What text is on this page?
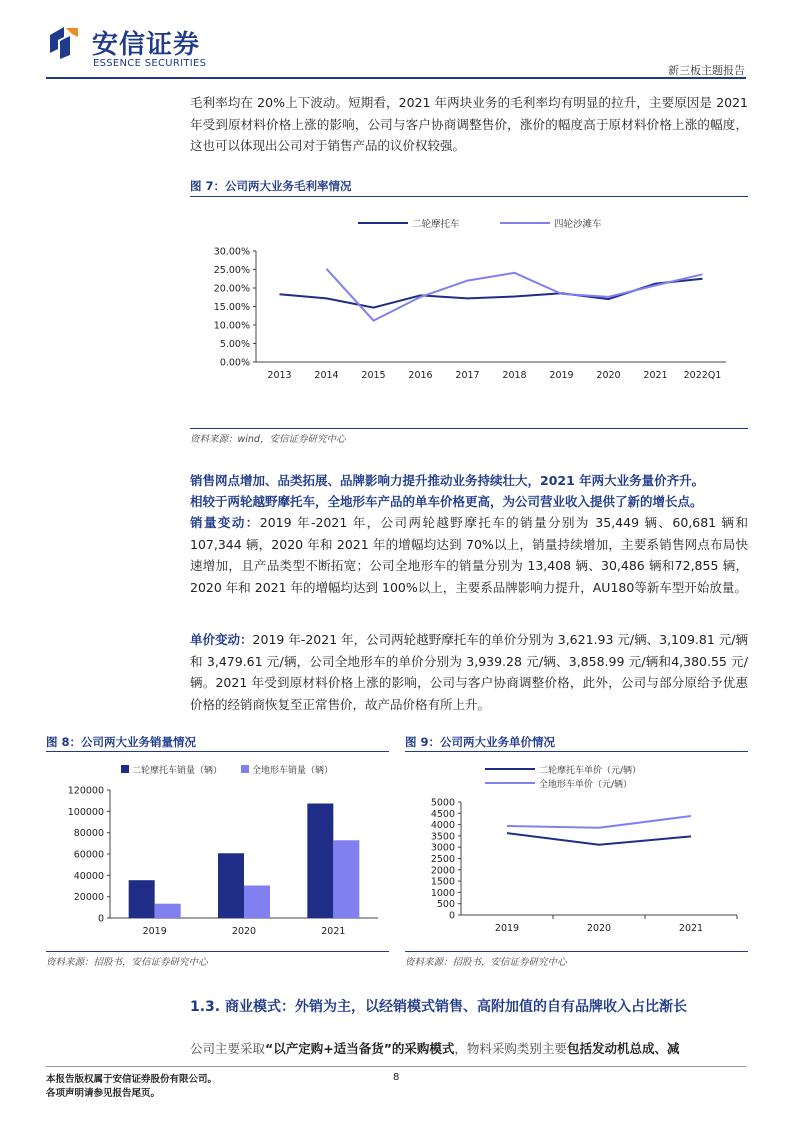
安信证券
ESSENCE SECURITIES
新三板主题报告
毛利率均在 20%上下波动。短期看，2021 年两块业务的毛利率均有明显的拉升，主要原因是 2021 年受到原材料价格上涨的影响，公司与客户协商调整售价，涨价的幅度高于原材料价格上涨的幅度，这也可以体现出公司对于销售产品的议价权较强。
图 7：公司两大业务毛利率情况
二轮摩托车	四轮沙滩车
0.00%
5.00%
10.00%
15.00%
20.00%
25.00%
30.00%
2013 2014 2015 2016 2017 2018 2019 2020 2021 2022Q1
资料来源：wind，安信证券研究中心
销售网点增加、品类拓展、品牌影响力提升推动业务持续壮大，2021 年两大业务量价齐升。
相较于两轮越野摩托车，全地形车产品的单车价格更高，为公司营业收入提供了新的增长点。
销量变动：2019 年-2021 年，公司两轮越野摩托车的销量分别为 35,449 辆、60,681 辆和107,344 辆，2020 年和 2021 年的增幅均达到 70%以上，销量持续增加，主要系销售网点布局快速增加，且产品类型不断拓宽；公司全地形车的销量分别为 13,408 辆、30,486 辆和72,855 辆，2020 年和 2021 年的增幅均达到 100%以上，主要系品牌影响力提升，AU180等新车型开始放量。
单价变动：2019 年-2021 年，公司两轮越野摩托车的单价分别为 3,621.93 元/辆、3,109.81 元/辆和 3,479.61 元/辆，公司全地形车的单价分别为 3,939.28 元/辆、3,858.99 元/辆和4,380.55 元/辆。2021 年受到原材料价格上涨的影响，公司与客户协商调整价格，此外，公司与部分原给予优惠价格的经销商恢复至正常售价，故产品价格有所上升。
图 8：公司两大业务销量情况
二轮摩托车销量（辆）	全地形车销量（辆）
0
20000
40000
60000
80000
100000
120000
2019	2020	2021
资料来源：招股书，安信证券研究中心
图 9：公司两大业务单价情况
二轮摩托车单价（元/辆）
全地形车单价（元/辆）
0
500
1000
1500
2000
2500
3000
3500
4000
4500
5000
2019	2020	2021
资料来源：招股书，安信证券研究中心
1.3. 商业模式：外销为主，以经销模式销售、高附加值的自有品牌收入占比渐长
公司主要采取“以产定购+适当备货”的采购模式，物料采购类别主要包括发动机总成、减
本报告版权属于安信证券股份有限公司。
各项声明请参见报告尾页。
8
